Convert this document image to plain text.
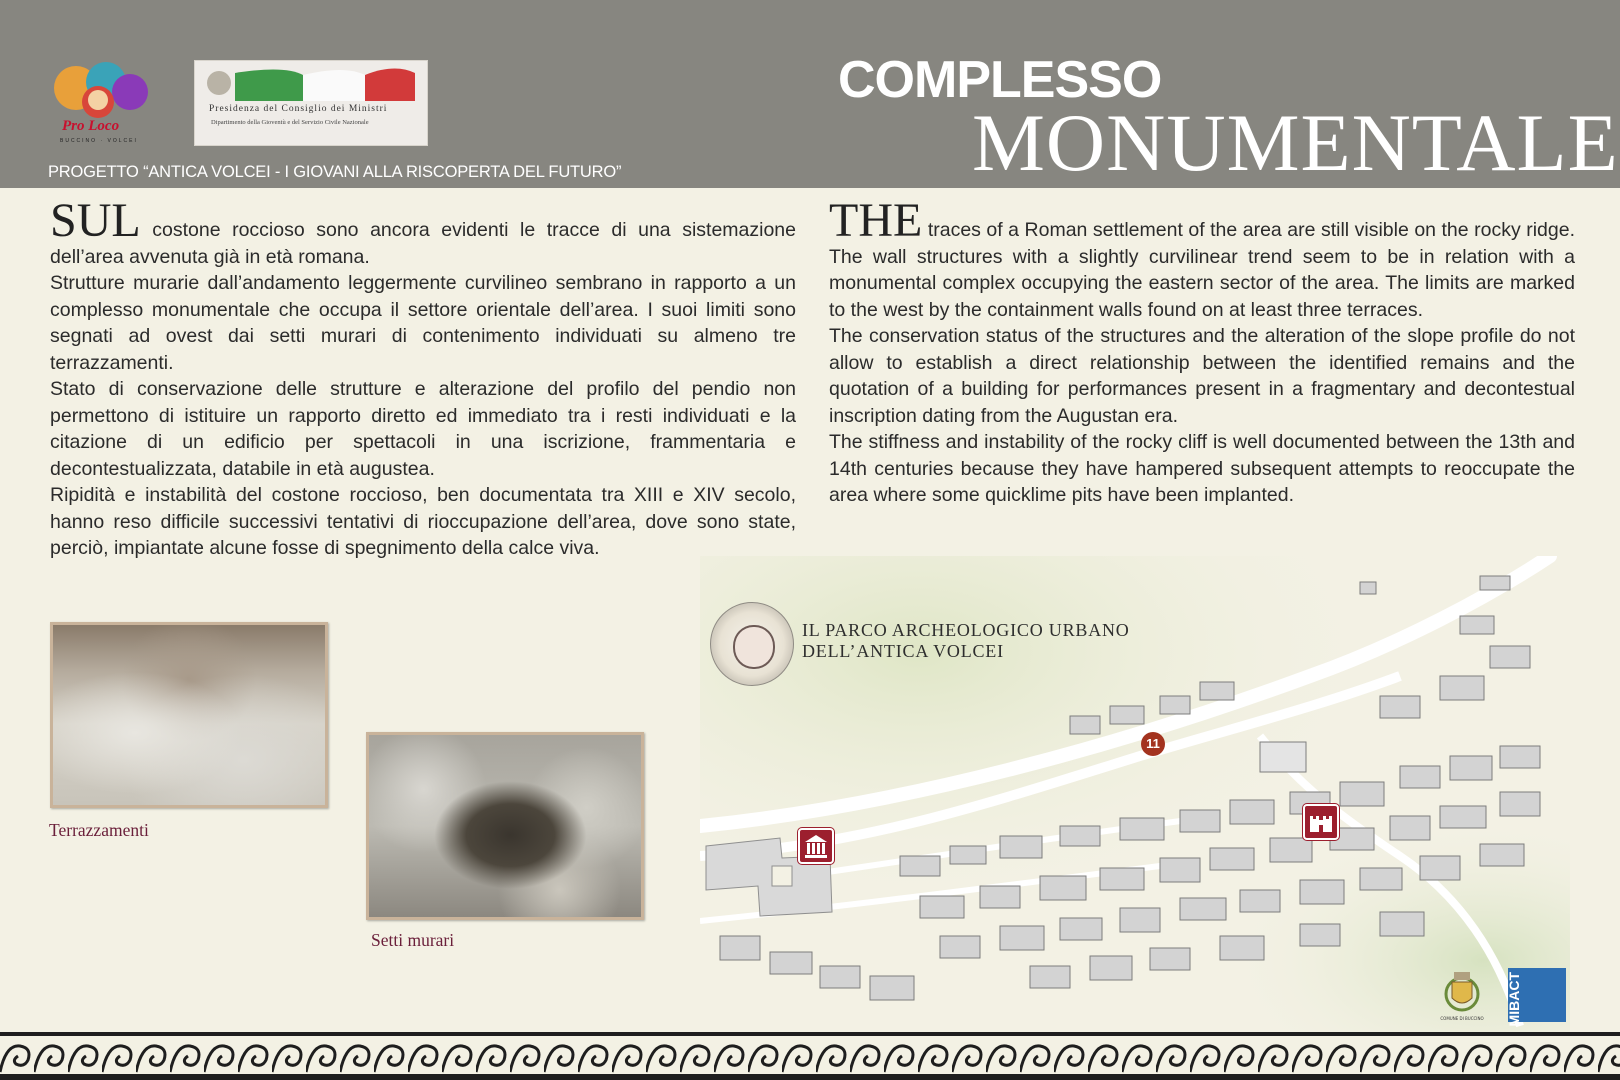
Pro Loco
BUCCINO · VOLCEI
Presidenza del Consiglio dei Ministri
Dipartimento della Gioventù e del Servizio Civile Nazionale
PROGETTO “ANTICA VOLCEI - I GIOVANI ALLA RISCOPERTA DEL FUTURO”
COMPLESSO
MONUMENTALE

SUL costone roccioso sono ancora evidenti le tracce di una sistemazione dell’area avvenuta già in età romana.

Strutture murarie dall’andamento leggermente curvilineo sembrano in rapporto a un complesso monumentale che occupa il settore orientale dell’area. I suoi limiti sono segnati ad ovest dai setti murari di contenimento individuati su almeno tre terrazzamenti.

Stato di conservazione delle strutture e alterazione del profilo del pendio non permettono di istituire un rapporto diretto ed immediato tra i resti individuati e la citazione di un edificio per spettacoli in una iscrizione, frammentaria e decontestualizzata, databile in età augustea.

Ripidità e instabilità del costone roccioso, ben documentata tra XIII e XIV secolo, hanno reso difficile successivi tentativi di rioccupazione dell’area, dove sono state, perciò, impiantate alcune fosse di spegnimento della calce viva.

THE traces of a Roman settlement of the area are still visible on the rocky ridge. The wall structures with a slightly curvilinear trend seem to be in relation with a monumental complex occupying the eastern sector of the area. The limits are marked to the west by the containment walls found on at least three terraces.

The conservation status of the structures and the alteration of the slope profile do not allow to establish a direct relationship between the identified remains and the quotation of a building for performances present in a fragmentary and decontestual inscription dating from the Augustan era.

The stiffness and instability of the rocky cliff is well documented between the 13th and 14th centuries because they have hampered subsequent attempts to reoccupate the area where some quicklime pits have been implanted.

Terrazzamenti
Setti murari
IL PARCO ARCHEOLOGICO URBANO
DELL’ANTICA VOLCEI
11
COMUNE DI BUCCINO	MIBACT
